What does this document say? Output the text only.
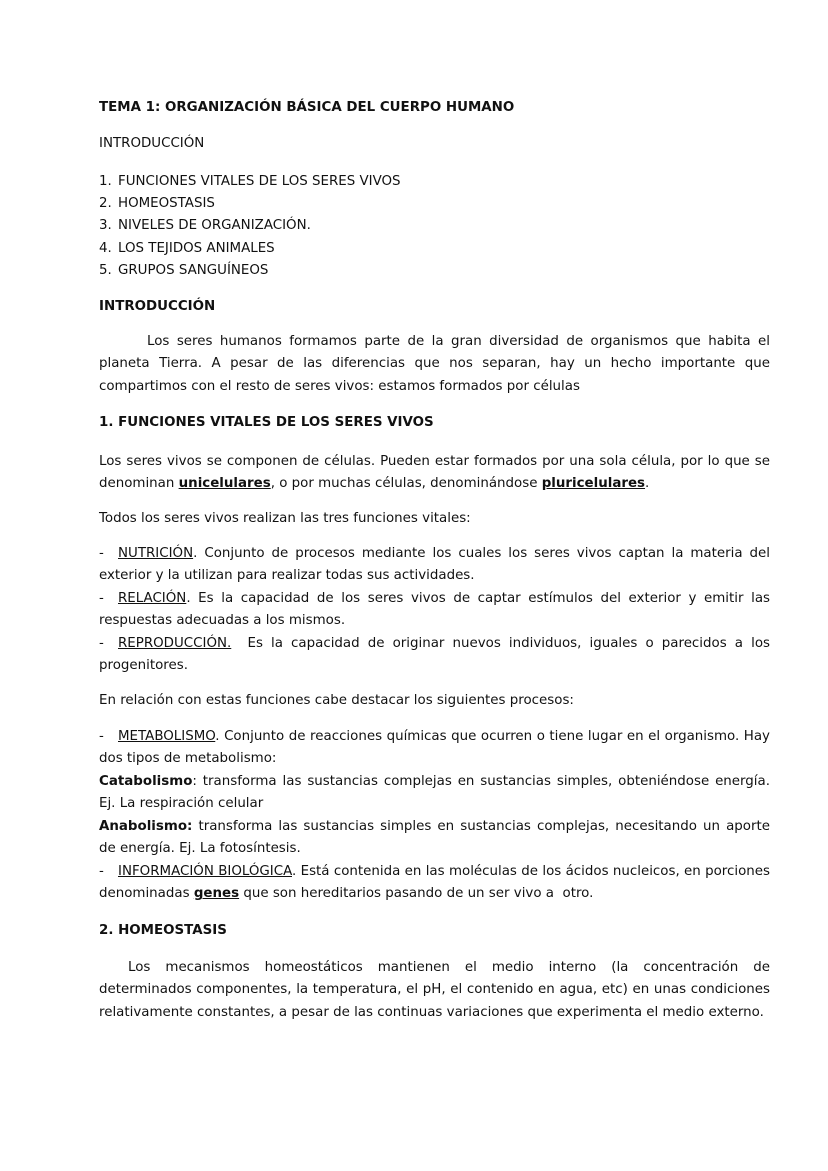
TEMA 1: ORGANIZACIÓN BÁSICA DEL CUERPO HUMANO
INTRODUCCIÓN
1. FUNCIONES VITALES DE LOS SERES VIVOS
2. HOMEOSTASIS
3. NIVELES DE ORGANIZACIÓN.
4. LOS TEJIDOS ANIMALES
5. GRUPOS SANGUÍNEOS
INTRODUCCIÓN
Los seres humanos formamos parte de la gran diversidad de organismos que habita el planeta Tierra. A pesar de las diferencias que nos separan, hay un hecho importante que compartimos con el resto de seres vivos: estamos formados por células
1. FUNCIONES VITALES DE LOS SERES VIVOS
Los seres vivos se componen de células. Pueden estar formados por una sola célula, por lo que se denominan unicelulares, o por muchas células, denominándose pluricelulares.
Todos los seres vivos realizan las tres funciones vitales:
- NUTRICIÓN. Conjunto de procesos mediante los cuales los seres vivos captan la materia del exterior y la utilizan para realizar todas sus actividades.
- RELACIÓN. Es la capacidad de los seres vivos de captar estímulos del exterior y emitir las respuestas adecuadas a los mismos.
- REPRODUCCIÓN.  Es la capacidad de originar nuevos individuos, iguales o parecidos a los progenitores.
En relación con estas funciones cabe destacar los siguientes procesos:
- METABOLISMO. Conjunto de reacciones químicas que ocurren o tiene lugar en el organismo. Hay dos tipos de metabolismo:
Catabolismo: transforma las sustancias complejas en sustancias simples, obteniéndose energía. Ej. La respiración celular
Anabolismo: transforma las sustancias simples en sustancias complejas, necesitando un aporte de energía. Ej. La fotosíntesis.
- INFORMACIÓN BIOLÓGICA. Está contenida en las moléculas de los ácidos nucleicos, en porciones denominadas genes que son hereditarios pasando de un ser vivo a  otro.
2. HOMEOSTASIS
Los mecanismos homeostáticos mantienen el medio interno (la concentración de determinados componentes, la temperatura, el pH, el contenido en agua, etc) en unas condiciones relativamente constantes, a pesar de las continuas variaciones que experimenta el medio externo.
